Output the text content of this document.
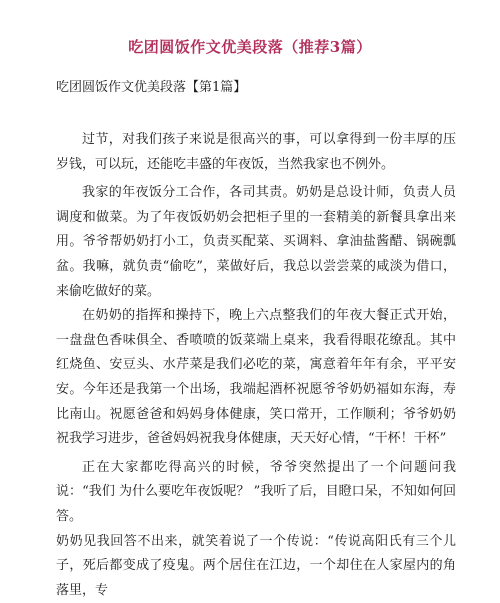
吃团圆饭作文优美段落（推荐3篇）
吃团圆饭作文优美段落【第1篇】

过节，对我们孩子来说是很高兴的事，可以拿得到一份丰厚的压 岁钱，可以玩，还能吃丰盛的年夜饭，当然我家也不例外。

我家的年夜饭分工合作，各司其责。奶奶是总设计师，负责人员 调度和做菜。为了年夜饭奶奶会把柜子里的一套精美的新餐具拿出来 用。爷爷帮奶奶打小工，负责买配菜、买调料、拿油盐酱醋、锅碗瓢 盆。我嘛，就负责“偷吃”，菜做好后，我总以尝尝菜的咸淡为借口， 来偷吃做好的菜。

在奶奶的指挥和操持下，晚上六点整我们的年夜大餐正式开始， 一盘盘色香味俱全、香喷喷的饭菜端上桌来，我看得眼花缭乱。其中 红烧鱼、安豆头、水芹菜是我们必吃的菜，寓意着年年有余，平平安 安。今年还是我第一个出场，我端起酒杯祝愿爷爷奶奶福如东海，寿 比南山。祝愿爸爸和妈妈身体健康，笑口常开，工作顺利；爷爷奶奶 祝我学习进步，爸爸妈妈祝我身体健康，天天好心情，“干杯！干杯”

正在大家都吃得高兴的时候，爷爷突然提出了一个问题问我说：“我们 为什么要吃年夜饭呢？ ”我听了后，目瞪口呆，不知如何回答。

奶奶见我回答不出来，就笑着说了一个传说：“传说高阳氏有三个儿 子，死后都变成了疫鬼。两个居住在江边，一个却住在人家屋内的角 落里，专
